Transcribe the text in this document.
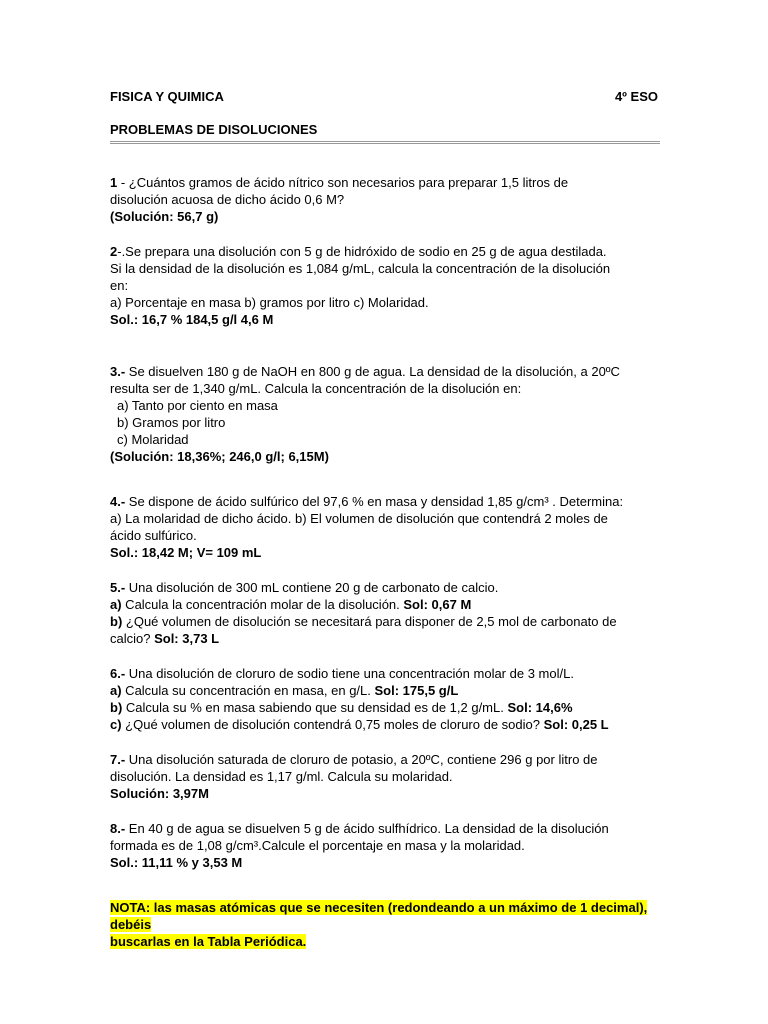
FISICA Y QUIMICA	4º ESO
PROBLEMAS DE DISOLUCIONES

1 - ¿Cuántos gramos de ácido nítrico son necesarios para preparar 1,5 litros de

disolución acuosa de dicho ácido 0,6 M?

(Solución: 56,7 g)

2-.Se prepara una disolución con 5 g de hidróxido de sodio en 25 g de agua destilada.

Si la densidad de la disolución es 1,084 g/mL, calcula la concentración de la disolución

en:

a) Porcentaje en masa b) gramos por litro c) Molaridad.

Sol.: 16,7 % 184,5 g/l 4,6 M

3.- Se disuelven 180 g de NaOH en 800 g de agua. La densidad de la disolución, a 20ºC

resulta ser de 1,340 g/mL. Calcula la concentración de la disolución en:

a) Tanto por ciento en masa

b) Gramos por litro

c) Molaridad

(Solución: 18,36%; 246,0 g/l; 6,15M)

4.- Se dispone de ácido sulfúrico del 97,6 % en masa y densidad 1,85 g/cm³ . Determina:

a) La molaridad de dicho ácido. b) El volumen de disolución que contendrá 2 moles de

ácido sulfúrico.

Sol.: 18,42 M; V= 109 mL

5.- Una disolución de 300 mL contiene 20 g de carbonato de calcio.

a) Calcula la concentración molar de la disolución. Sol: 0,67 M

b) ¿Qué volumen de disolución se necesitará para disponer de 2,5 mol de carbonato de

calcio? Sol: 3,73 L

6.- Una disolución de cloruro de sodio tiene una concentración molar de 3 mol/L.

a) Calcula su concentración en masa, en g/L. Sol: 175,5 g/L

b) Calcula su % en masa sabiendo que su densidad es de 1,2 g/mL. Sol: 14,6%

c) ¿Qué volumen de disolución contendrá 0,75 moles de cloruro de sodio? Sol: 0,25 L

7.- Una disolución saturada de cloruro de potasio, a 20ºC, contiene 296 g por litro de

disolución. La densidad es 1,17 g/ml. Calcula su molaridad.

Solución: 3,97M

8.- En 40 g de agua se disuelven 5 g de ácido sulfhídrico. La densidad de la disolución

formada es de 1,08 g/cm³.Calcule el porcentaje en masa y la molaridad.

Sol.: 11,11 % y 3,53 M

NOTA: las masas atómicas que se necesiten (redondeando a un máximo de 1 decimal), debéis

buscarlas en la Tabla Periódica.
